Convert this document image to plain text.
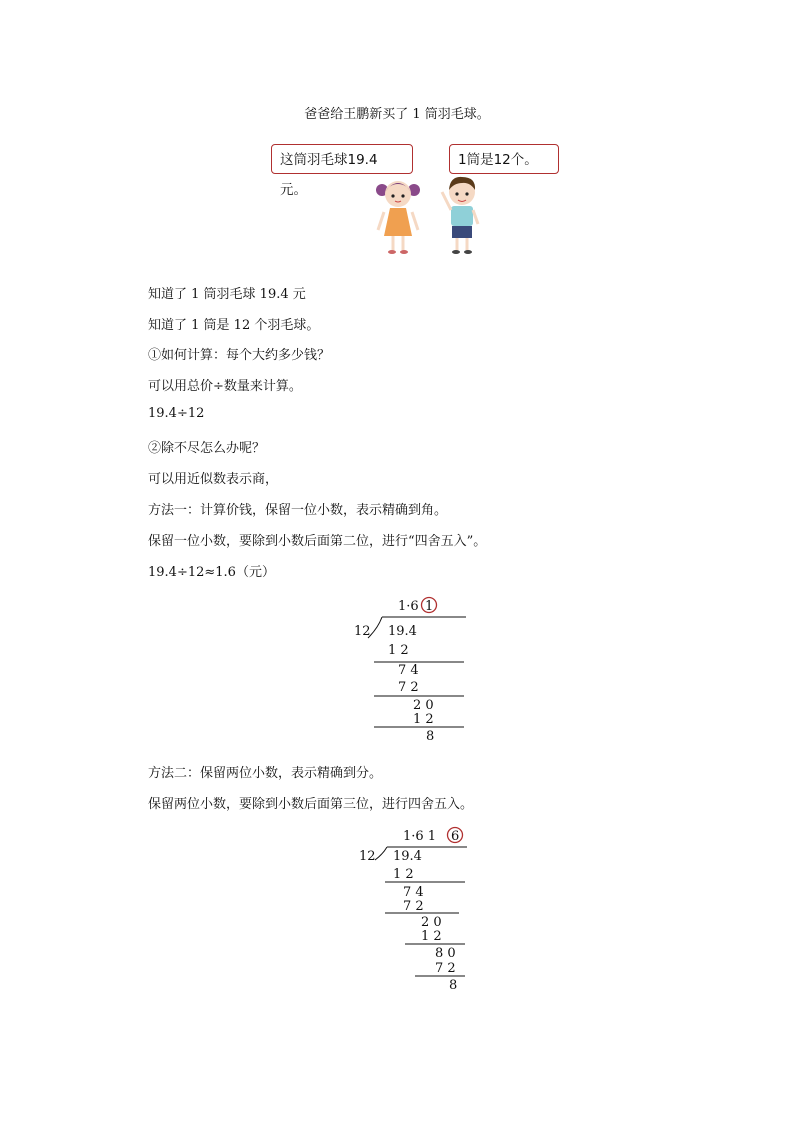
爸爸给王鹏新买了 1 筒羽毛球。
这筒羽毛球19.4元。
1筒是12个。
知道了 1 筒羽毛球 19.4 元
知道了 1 筒是 12 个羽毛球。
①如何计算：每个大约多少钱？
可以用总价÷数量来计算。
19.4÷12
②除不尽怎么办呢？
可以用近似数表示商，
方法一：计算价钱，保留一位小数，表示精确到角。
保留一位小数，要除到小数后面第二位，进行“四舍五入”。
19.4÷12≈1.6（元）
1·6 1
12 19.4
1 2
7 4
7 2
2 0
1 2
8
方法二：保留两位小数，表示精确到分。
保留两位小数，要除到小数后面第三位，进行四舍五入。
1·6 1 6
12 19.4
1 2
7 4
7 2
2 0
1 2
8 0
7 2
8
